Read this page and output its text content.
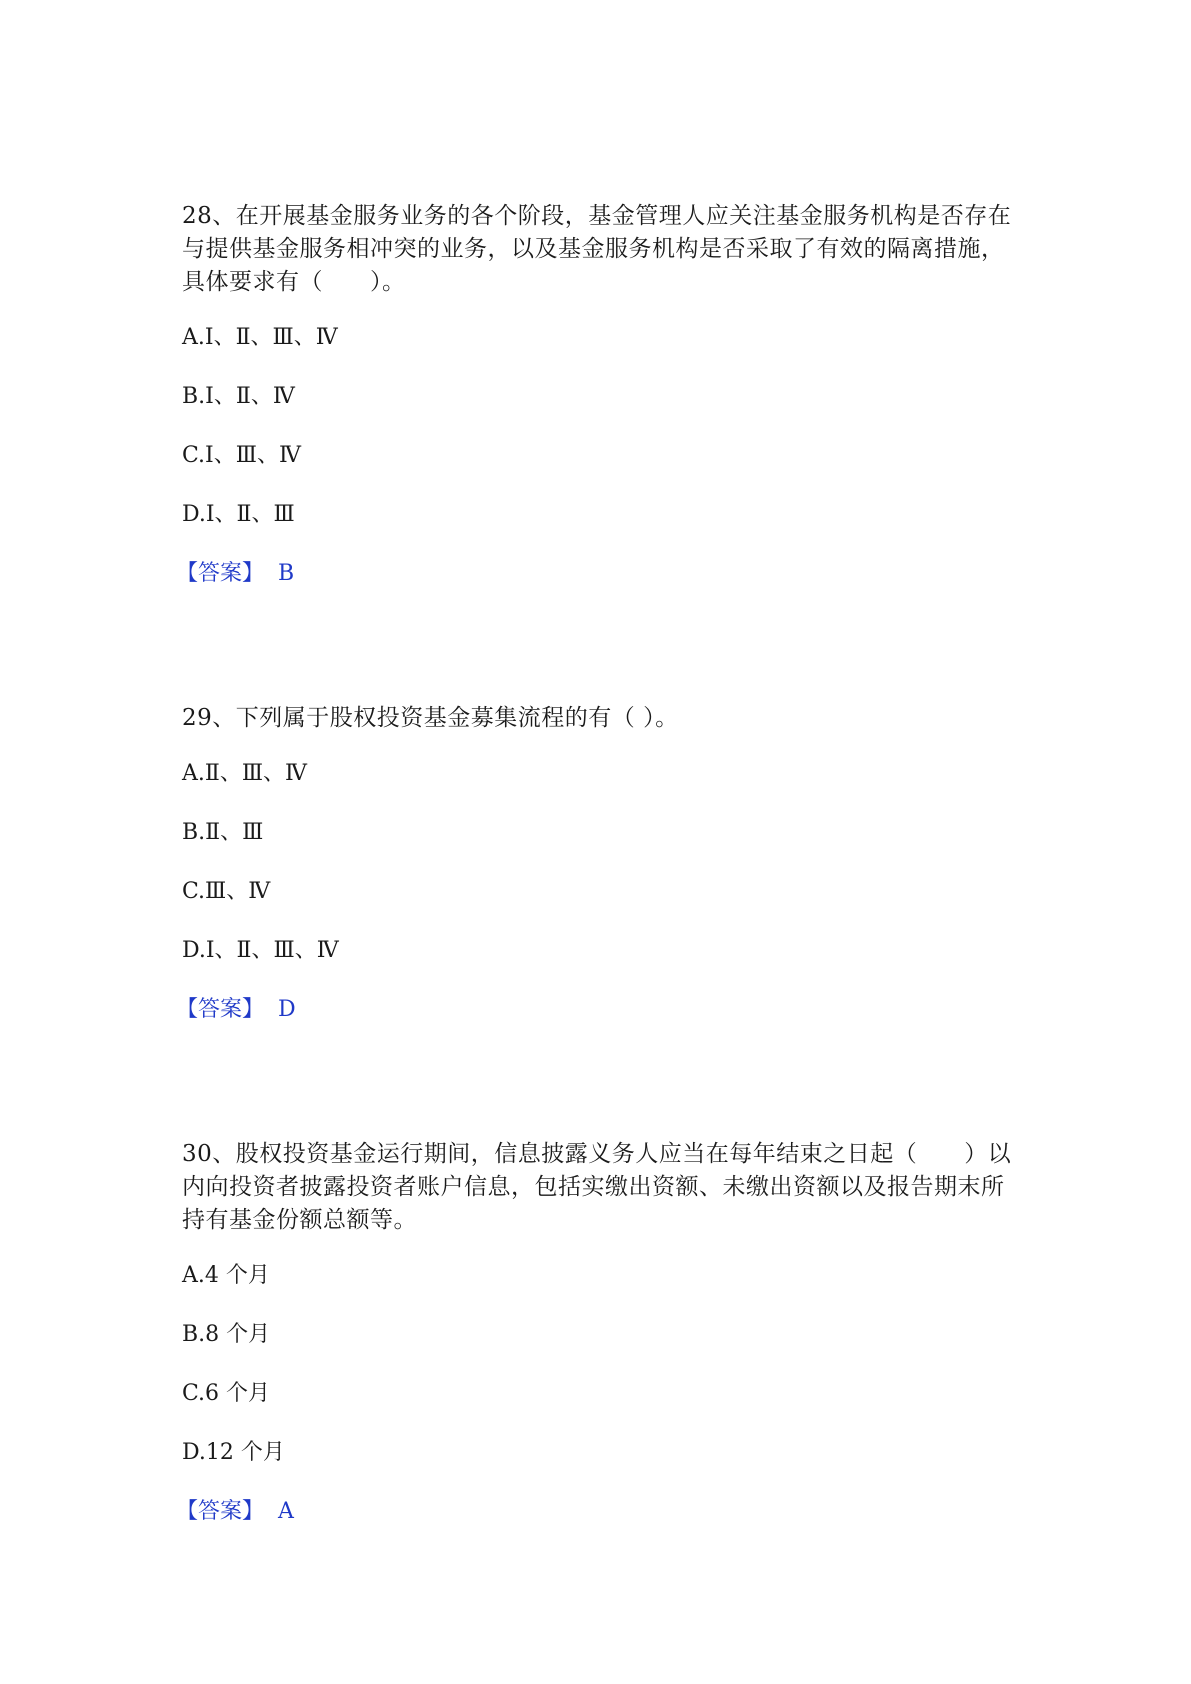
28、在开展基金服务业务的各个阶段，基金管理人应关注基金服务机构是否存在与提供基金服务相冲突的业务，以及基金服务机构是否采取了有效的隔离措施，具体要求有（　　）。

A. Ⅰ、Ⅱ、Ⅲ、Ⅳ
B. Ⅰ、Ⅱ、Ⅳ
C. Ⅰ、Ⅲ、Ⅳ
D. Ⅰ、Ⅱ、Ⅲ
【答案】 B

29、下列属于股权投资基金募集流程的有（ ）。

A. Ⅱ、Ⅲ、Ⅳ
B. Ⅱ、Ⅲ
C. Ⅲ、Ⅳ
D. Ⅰ、Ⅱ、Ⅲ、Ⅳ
【答案】 D

30、股权投资基金运行期间，信息披露义务人应当在每年结束之日起（　　）以内向投资者披露投资者账户信息，包括实缴出资额、未缴出资额以及报告期末所持有基金份额总额等。

A. 4 个月
B. 8 个月
C. 6 个月
D. 12 个月
【答案】 A
